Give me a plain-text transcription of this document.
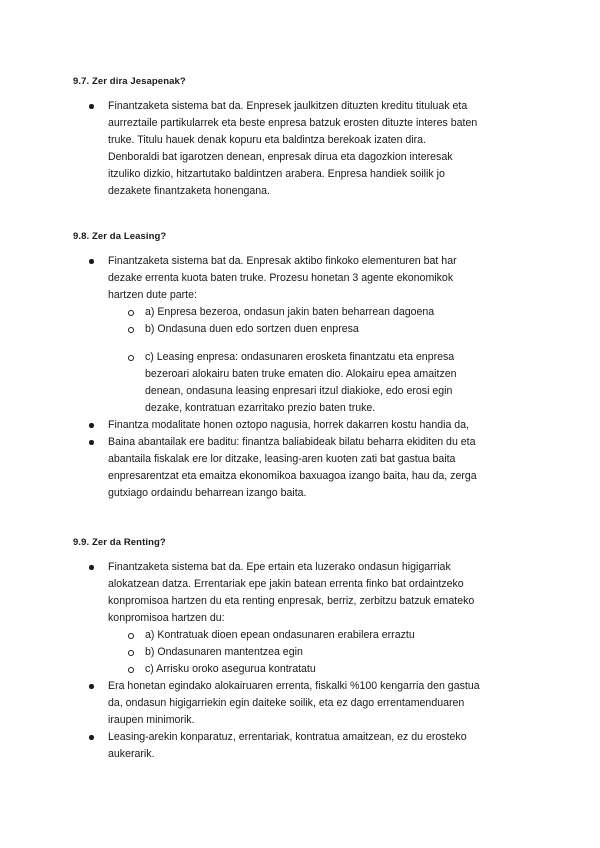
9.7. Zer dira Jesapenak?
Finantzaketa sistema bat da. Enpresek jaulkitzen dituzten kreditu tituluak eta
aurreztaile partikularrek eta beste enpresa batzuk erosten dituzte interes baten
truke. Titulu hauek denak kopuru eta baldintza berekoak izaten dira.
Denboraldi bat igarotzen denean, enpresak dirua eta dagozkion interesak
itzuliko dizkio, hitzartutako baldintzen arabera. Enpresa handiek soilik jo
dezakete finantzaketa honengana.
9.8. Zer da Leasing?
Finantzaketa sistema bat da. Enpresak aktibo finkoko elementuren bat har
dezake errenta kuota baten truke. Prozesu honetan 3 agente ekonomikok
hartzen dute parte:
a) Enpresa bezeroa, ondasun jakin baten beharrean dagoena
b) Ondasuna duen edo sortzen duen enpresa
c) Leasing enpresa: ondasunaren erosketa finantzatu eta enpresa
bezeroari alokairu baten truke ematen dio. Alokairu epea amaitzen
denean, ondasuna leasing enpresari itzul diakioke, edo erosi egin
dezake, kontratuan ezarritako prezio baten truke.
Finantza modalitate honen oztopo nagusia, horrek dakarren kostu handia da,
Baina abantailak ere baditu: finantza baliabideak bilatu beharra ekiditen du eta
abantaila fiskalak ere lor ditzake, leasing-aren kuoten zati bat gastua baita
enpresarentzat eta emaitza ekonomikoa baxuagoa izango baita, hau da, zerga
gutxiago ordaindu beharrean izango baita.
9.9. Zer da Renting?
Finantzaketa sistema bat da. Epe ertain eta luzerako ondasun higigarriak
alokatzean datza. Errentariak epe jakin batean errenta finko bat ordaintzeko
konpromisoa hartzen du eta renting enpresak, berriz, zerbitzu batzuk emateko
konpromisoa hartzen du:
a) Kontratuak dioen epean ondasunaren erabilera erraztu
b) Ondasunaren mantentzea egin
c) Arrisku oroko asegurua kontratatu
Era honetan egindako alokairuaren errenta, fiskalki %100 kengarria den gastua
da, ondasun higigarriekin egin daiteke soilik, eta ez dago errentamenduaren
iraupen minimorik.
Leasing-arekin konparatuz, errentariak, kontratua amaitzean, ez du erosteko
aukerarik.
